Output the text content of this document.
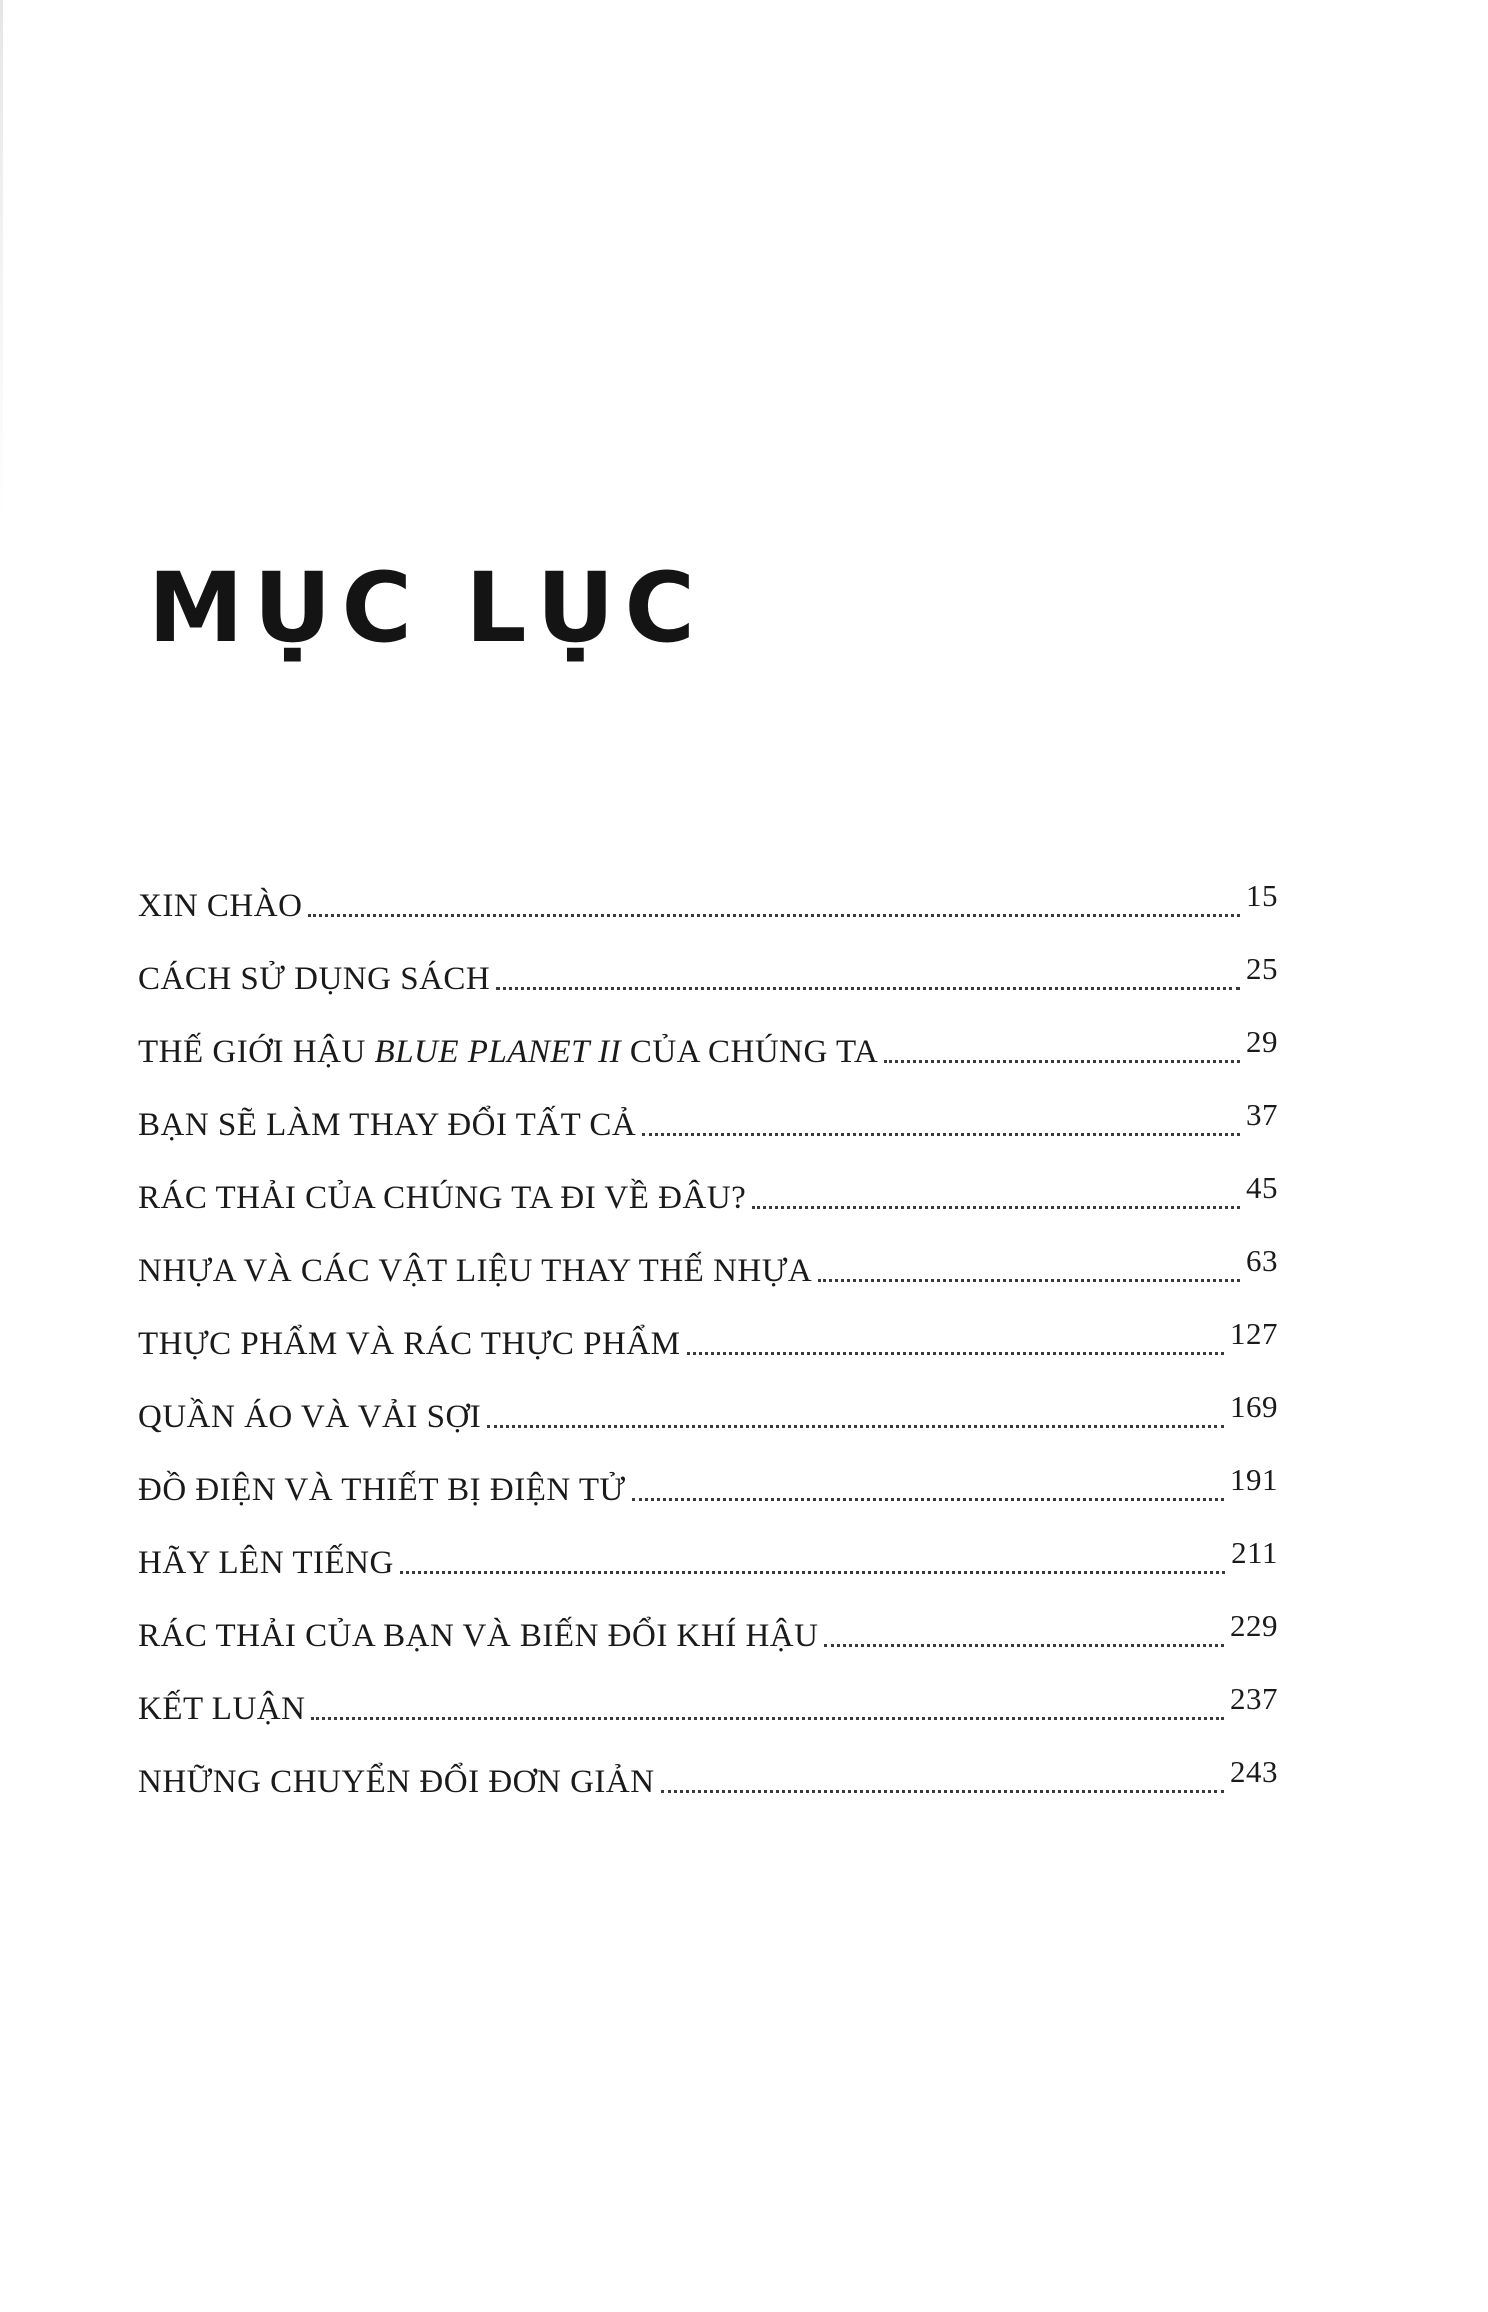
MỤC LỤC
XIN CHÀO	15
CÁCH SỬ DỤNG SÁCH	25
THẾ GIỚI HẬU BLUE PLANET II CỦA CHÚNG TA	29
BẠN SẼ LÀM THAY ĐỔI TẤT CẢ	37
RÁC THẢI CỦA CHÚNG TA ĐI VỀ ĐÂU?	45
NHỰA VÀ CÁC VẬT LIỆU THAY THẾ NHỰA	63
THỰC PHẨM VÀ RÁC THỰC PHẨM	127
QUẦN ÁO VÀ VẢI SỢI	169
ĐỒ ĐIỆN VÀ THIẾT BỊ ĐIỆN TỬ	191
HÃY LÊN TIẾNG	211
RÁC THẢI CỦA BẠN VÀ BIẾN ĐỔI KHÍ HẬU	229
KẾT LUẬN	237
NHỮNG CHUYỂN ĐỔI ĐƠN GIẢN	243
